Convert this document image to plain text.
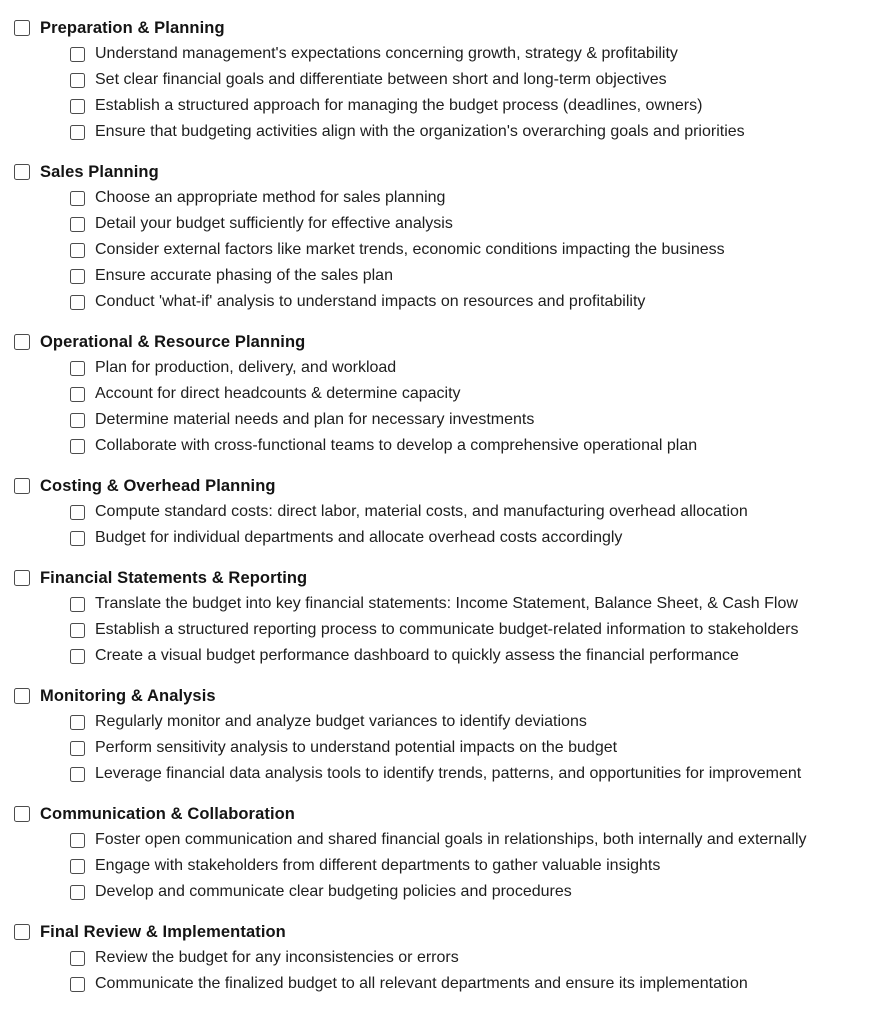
Preparation & Planning
Understand management's expectations concerning growth, strategy & profitability
Set clear financial goals and differentiate between short and long-term objectives
Establish a structured approach for managing the budget process (deadlines, owners)
Ensure that budgeting activities align with the organization's overarching goals and priorities
Sales Planning
Choose an appropriate method for sales planning
Detail your budget sufficiently for effective analysis
Consider external factors like market trends, economic conditions impacting the business
Ensure accurate phasing of the sales plan
Conduct 'what-if' analysis to understand impacts on resources and profitability
Operational & Resource Planning
Plan for production, delivery, and workload
Account for direct headcounts & determine capacity
Determine material needs and plan for necessary investments
Collaborate with cross-functional teams to develop a comprehensive operational plan
Costing & Overhead Planning
Compute standard costs: direct labor, material costs, and manufacturing overhead allocation
Budget for individual departments and allocate overhead costs accordingly
Financial Statements & Reporting
Translate the budget into key financial statements: Income Statement, Balance Sheet, & Cash Flow
Establish a structured reporting process to communicate budget-related information to stakeholders
Create a visual budget performance dashboard to quickly assess the financial performance
Monitoring & Analysis
Regularly monitor and analyze budget variances to identify deviations
Perform sensitivity analysis to understand potential impacts on the budget
Leverage financial data analysis tools to identify trends, patterns, and opportunities for improvement
Communication & Collaboration
Foster open communication and shared financial goals in relationships, both internally and externally
Engage with stakeholders from different departments to gather valuable insights
Develop and communicate clear budgeting policies and procedures
Final Review & Implementation
Review the budget for any inconsistencies or errors
Communicate the finalized budget to all relevant departments and ensure its implementation
